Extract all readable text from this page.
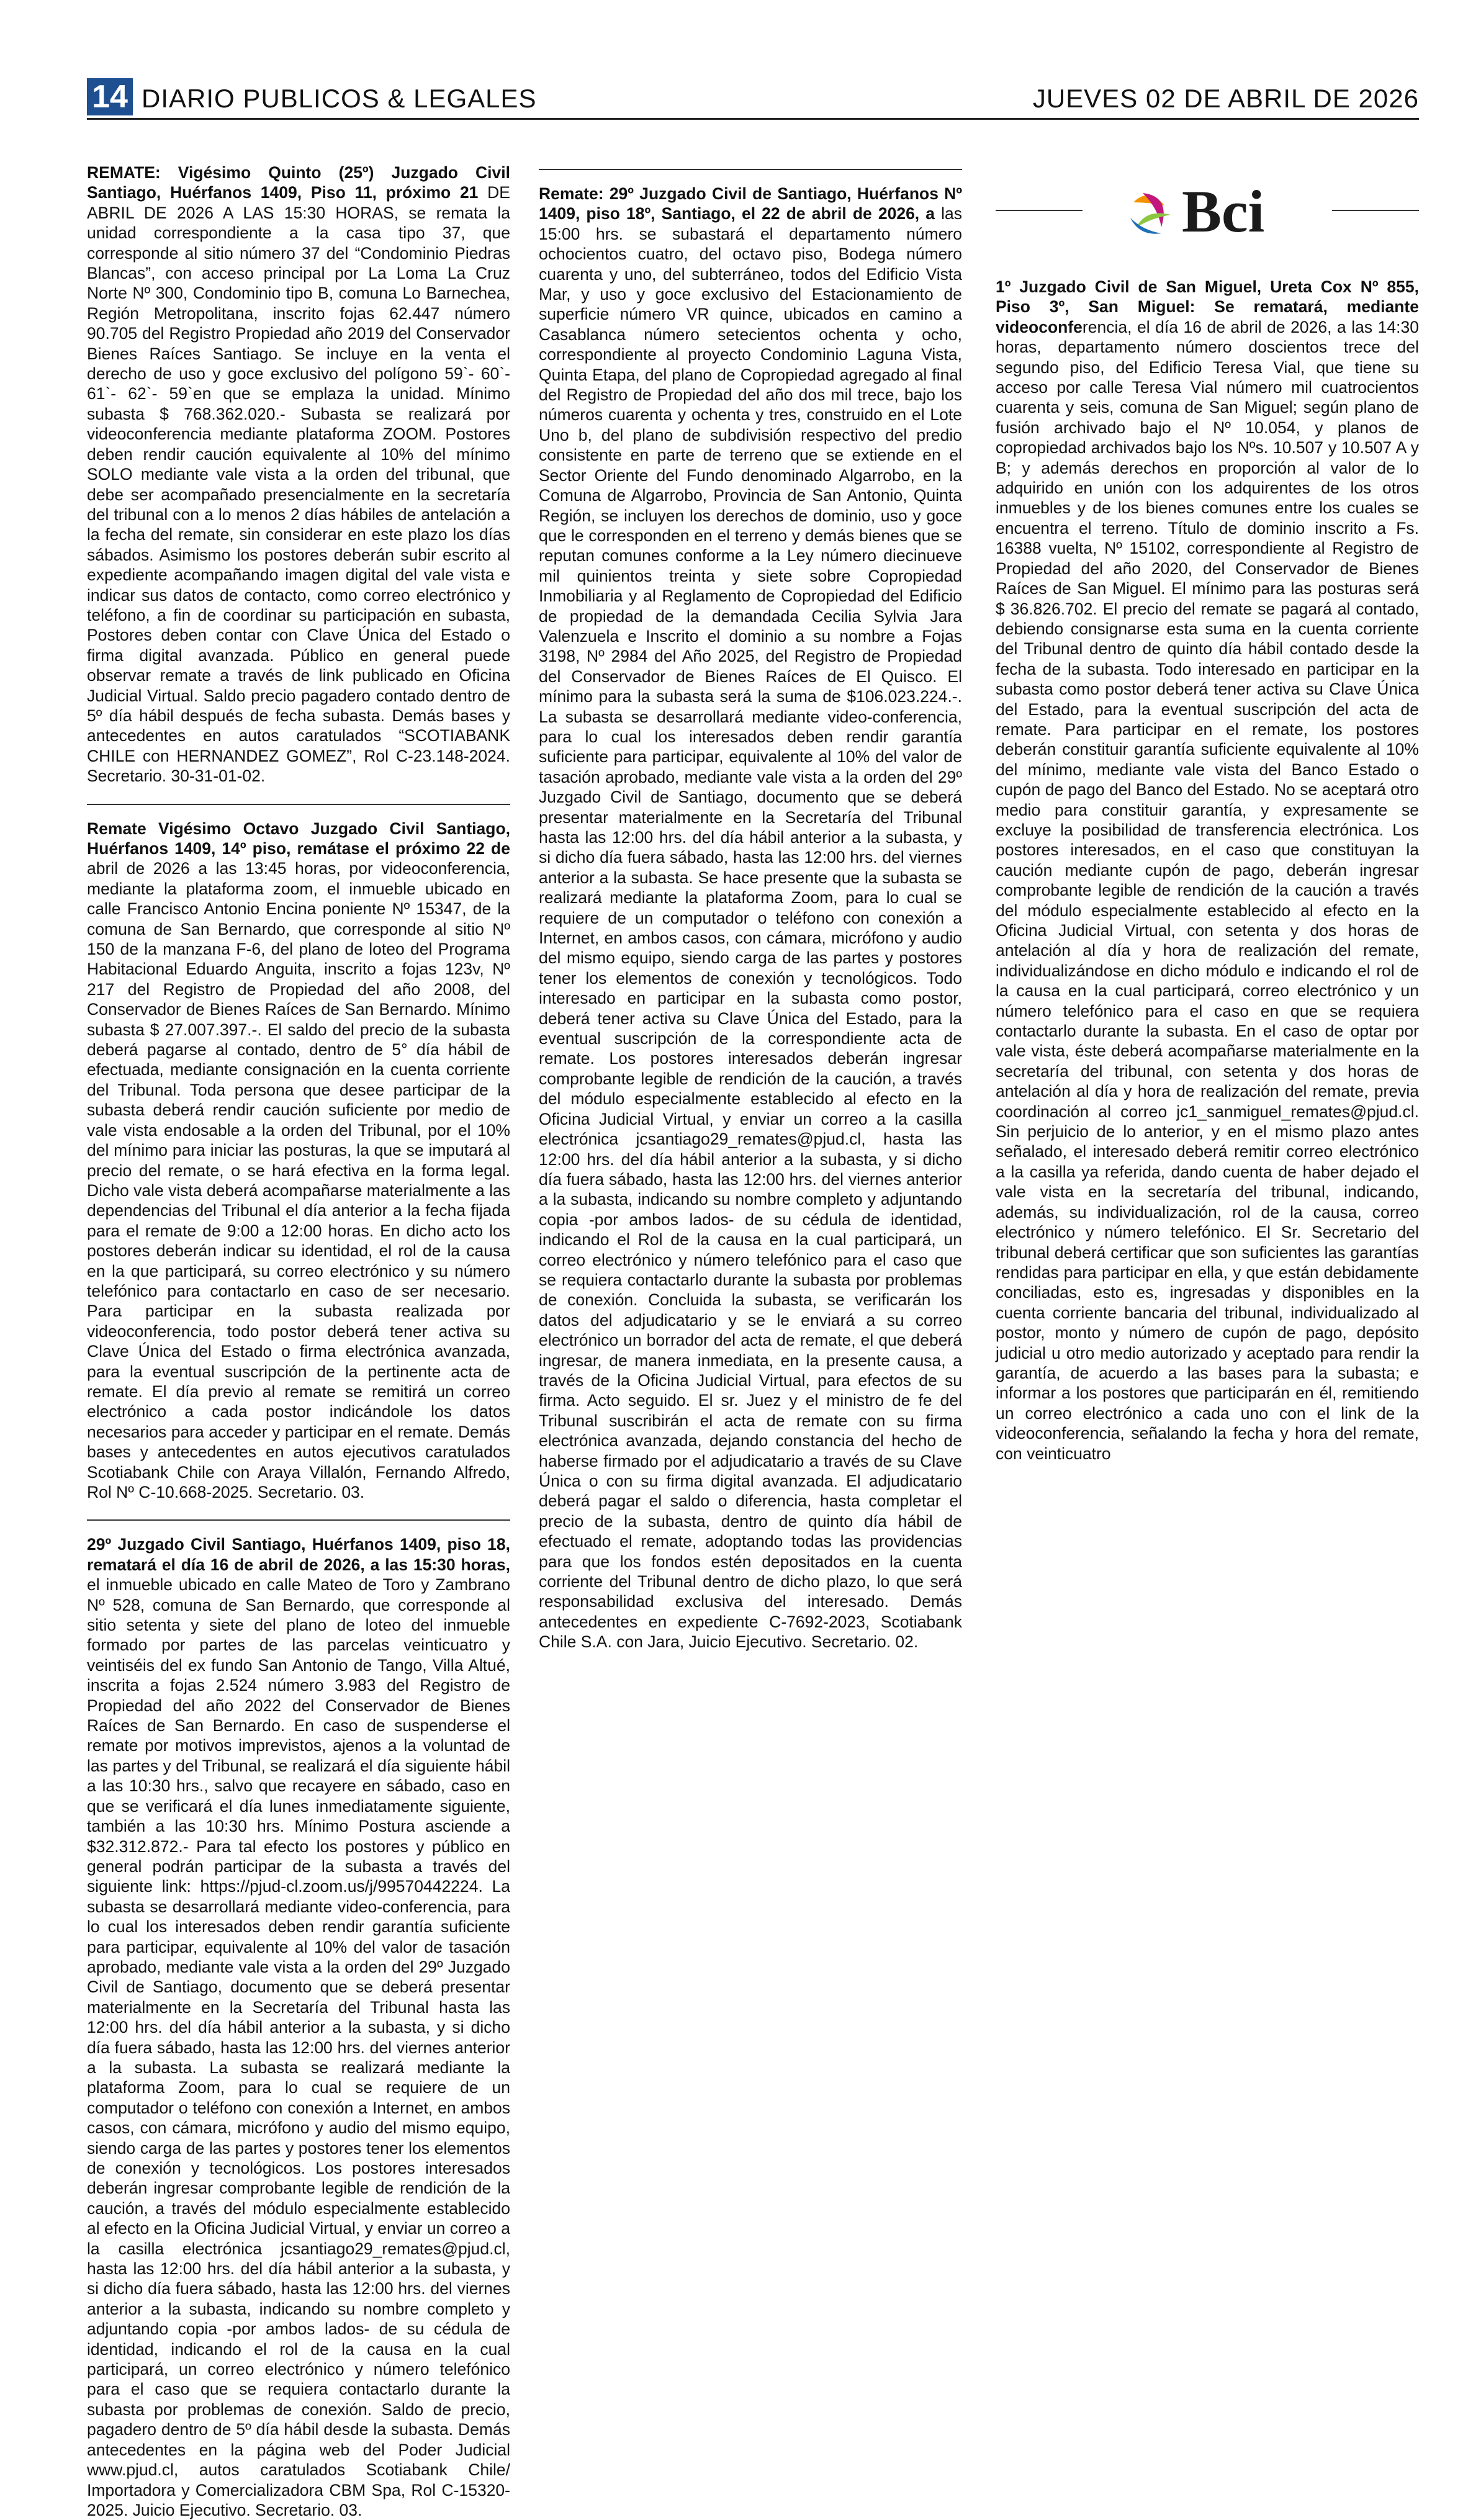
14 DIARIO PUBLICOS & LEGALES	JUEVES 02 DE ABRIL DE 2026

REMATE: Vigésimo Quinto (25º) Juzgado Civil Santiago, Huérfanos 1409, Piso 11, próximo 21 DE ABRIL DE 2026 A LAS 15:30 HORAS, se remata la unidad correspondiente a la casa tipo 37, que corresponde al sitio número 37 del “Condominio Piedras Blancas”, con acceso principal por La Loma La Cruz Norte Nº 300, Condominio tipo B, comuna Lo Barnechea, Región Metropolitana, inscrito fojas 62.447 número 90.705 del Registro Propiedad año 2019 del Conservador Bienes Raíces Santiago. Se incluye en la venta el derecho de uso y goce exclusivo del polígono 59`- 60`- 61`- 62`- 59`en que se emplaza la unidad. Mínimo subasta $ 768.362.020.- Subasta se realizará por videoconferencia mediante plataforma ZOOM. Postores deben rendir caución equivalente al 10% del mínimo SOLO mediante vale vista a la orden del tribunal, que debe ser acompañado presencialmente en la secretaría del tribunal con a lo menos 2 días hábiles de antelación a la fecha del remate, sin considerar en este plazo los días sábados. Asimismo los postores deberán subir escrito al expediente acompañando imagen digital del vale vista e indicar sus datos de contacto, como correo electrónico y teléfono, a fin de coordinar su participación en subasta, Postores deben contar con Clave Única del Estado o firma digital avanzada. Público en general puede observar remate a través de link publicado en Oficina Judicial Virtual. Saldo precio pagadero contado dentro de 5º día hábil después de fecha subasta. Demás bases y antecedentes en autos caratulados “SCOTIABANK CHILE con HERNANDEZ GOMEZ”, Rol C-23.148-2024. Secretario. 30-31-01-02.

Remate Vigésimo Octavo Juzgado Civil Santiago, Huérfanos 1409, 14º piso, remátase el próximo 22 de abril de 2026 a las 13:45 horas, por videoconferencia, mediante la plataforma zoom, el inmueble ubicado en calle Francisco Antonio Encina poniente Nº 15347, de la comuna de San Bernardo, que corresponde al sitio Nº 150 de la manzana F-6, del plano de loteo del Programa Habitacional Eduardo Anguita, inscrito a fojas 123v, Nº 217 del Registro de Propiedad del año 2008, del Conservador de Bienes Raíces de San Bernardo. Mínimo subasta $ 27.007.397.-. El saldo del precio de la subasta deberá pagarse al contado, dentro de 5° día hábil de efectuada, mediante consignación en la cuenta corriente del Tribunal. Toda persona que desee participar de la subasta deberá rendir caución suficiente por medio de vale vista endosable a la orden del Tribunal, por el 10% del mínimo para iniciar las posturas, la que se imputará al precio del remate, o se hará efectiva en la forma legal. Dicho vale vista deberá acompañarse materialmente a las dependencias del Tribunal el día anterior a la fecha fijada para el remate de 9:00 a 12:00 horas. En dicho acto los postores deberán indicar su identidad, el rol de la causa en la que participará, su correo electrónico y su número telefónico para contactarlo en caso de ser necesario. Para participar en la subasta realizada por videoconferencia, todo postor deberá tener activa su Clave Única del Estado o firma electrónica avanzada, para la eventual suscripción de la pertinente acta de remate. El día previo al remate se remitirá un correo electrónico a cada postor indicándole los datos necesarios para acceder y participar en el remate. Demás bases y antecedentes en autos ejecutivos caratulados Scotiabank Chile con Araya Villalón, Fernando Alfredo, Rol Nº C-10.668-2025. Secretario. 03.

29º Juzgado Civil Santiago, Huérfanos 1409, piso 18, rematará el día 16 de abril de 2026, a las 15:30 horas, el inmueble ubicado en calle Mateo de Toro y Zambrano Nº 528, comuna de San Bernardo, que corresponde al sitio setenta y siete del plano de loteo del inmueble formado por partes de las parcelas veinticuatro y veintiséis del ex fundo San Antonio de Tango, Villa Altué, inscrita a fojas 2.524 número 3.983 del Registro de Propiedad del año 2022 del Conservador de Bienes Raíces de San Bernardo. En caso de suspenderse el remate por motivos imprevistos, ajenos a la voluntad de las partes y del Tribunal, se realizará el día siguiente hábil a las 10:30 hrs., salvo que recayere en sábado, caso en que se verificará el día lunes inmediatamente siguiente, también a las 10:30 hrs. Mínimo Postura asciende a $32.312.872.- Para tal efecto los postores y público en general podrán participar de la subasta a través del siguiente link: https://pjud-cl.zoom.us/j/99570442224. La subasta se desarrollará mediante video-conferencia, para lo cual los interesados deben rendir garantía suficiente para participar, equivalente al 10% del valor de tasación aprobado, mediante vale vista a la orden del 29º Juzgado Civil de Santiago, documento que se deberá presentar materialmente en la Secretaría del Tribunal hasta las 12:00 hrs. del día hábil anterior a la subasta, y si dicho día fuera sábado, hasta las 12:00 hrs. del viernes anterior a la subasta. La subasta se realizará mediante la plataforma Zoom, para lo cual se requiere de un computador o teléfono con conexión a Internet, en ambos casos, con cámara, micrófono y audio del mismo equipo, siendo carga de las partes y postores tener los elementos de conexión y tecnológicos. Los postores interesados deberán ingresar comprobante legible de rendición de la caución, a través del módulo especialmente establecido al efecto en la Oficina Judicial Virtual, y enviar un correo a la casilla electrónica jcsantiago29_remates@pjud.cl, hasta las 12:00 hrs. del día hábil anterior a la subasta, y si dicho día fuera sábado, hasta las 12:00 hrs. del viernes anterior a la subasta, indicando su nombre completo y adjuntando copia -por ambos lados- de su cédula de identidad, indicando el rol de la causa en la cual participará, un correo electrónico y número telefónico para el caso que se requiera contactarlo durante la subasta por problemas de conexión. Saldo de precio, pagadero dentro de 5º día hábil desde la subasta. Demás antecedentes en la página web del Poder Judicial www.pjud.cl, autos caratulados Scotiabank Chile/ Importadora y Comercializadora CBM Spa, Rol C-15320-2025. Juicio Ejecutivo. Secretario. 03.

Remate: 29º Juzgado Civil de Santiago, Huérfanos Nº 1409, piso 18º, Santiago, el 22 de abril de 2026, a las 15:00 hrs. se subastará el departamento número ochocientos cuatro, del octavo piso, Bodega número cuarenta y uno, del subterráneo, todos del Edificio Vista Mar, y uso y goce exclusivo del Estacionamiento de superficie número VR quince, ubicados en camino a Casablanca número setecientos ochenta y ocho, correspondiente al proyecto Condominio Laguna Vista, Quinta Etapa, del plano de Copropiedad agregado al final del Registro de Propiedad del año dos mil trece, bajo los números cuarenta y ochenta y tres, construido en el Lote Uno b, del plano de subdivisión respectivo del predio consistente en parte de terreno que se extiende en el Sector Oriente del Fundo denominado Algarrobo, en la Comuna de Algarrobo, Provincia de San Antonio, Quinta Región, se incluyen los derechos de dominio, uso y goce que le corresponden en el terreno y demás bienes que se reputan comunes conforme a la Ley número diecinueve mil quinientos treinta y siete sobre Copropiedad Inmobiliaria y al Reglamento de Copropiedad del Edificio de propiedad de la demandada Cecilia Sylvia Jara Valenzuela e Inscrito el dominio a su nombre a Fojas 3198, Nº 2984 del Año 2025, del Registro de Propiedad del Conservador de Bienes Raíces de El Quisco. El mínimo para la subasta será la suma de $106.023.224.-. La subasta se desarrollará mediante video-conferencia, para lo cual los interesados deben rendir garantía suficiente para participar, equivalente al 10% del valor de tasación aprobado, mediante vale vista a la orden del 29º Juzgado Civil de Santiago, documento que se deberá presentar materialmente en la Secretaría del Tribunal hasta las 12:00 hrs. del día hábil anterior a la subasta, y si dicho día fuera sábado, hasta las 12:00 hrs. del viernes anterior a la subasta. Se hace presente que la subasta se realizará mediante la plataforma Zoom, para lo cual se requiere de un computador o teléfono con conexión a Internet, en ambos casos, con cámara, micrófono y audio del mismo equipo, siendo carga de las partes y postores tener los elementos de conexión y tecnológicos. Todo interesado en participar en la subasta como postor, deberá tener activa su Clave Única del Estado, para la eventual suscripción de la correspondiente acta de remate. Los postores interesados deberán ingresar comprobante legible de rendición de la caución, a través del módulo especialmente establecido al efecto en la Oficina Judicial Virtual, y enviar un correo a la casilla electrónica jcsantiago29_remates@pjud.cl, hasta las 12:00 hrs. del día hábil anterior a la subasta, y si dicho día fuera sábado, hasta las 12:00 hrs. del viernes anterior a la subasta, indicando su nombre completo y adjuntando copia -por ambos lados- de su cédula de identidad, indicando el Rol de la causa en la cual participará, un correo electrónico y número telefónico para el caso que se requiera contactarlo durante la subasta por problemas de conexión. Concluida la subasta, se verificarán los datos del adjudicatario y se le enviará a su correo electrónico un borrador del acta de remate, el que deberá ingresar, de manera inmediata, en la presente causa, a través de la Oficina Judicial Virtual, para efectos de su firma. Acto seguido. El sr. Juez y el ministro de fe del Tribunal suscribirán el acta de remate con su firma electrónica avanzada, dejando constancia del hecho de haberse firmado por el adjudicatario a través de su Clave Única o con su firma digital avanzada. El adjudicatario deberá pagar el saldo o diferencia, hasta completar el precio de la subasta, dentro de quinto día hábil de efectuado el remate, adoptando todas las providencias para que los fondos estén depositados en la cuenta corriente del Tribunal dentro de dicho plazo, lo que será responsabilidad exclusiva del interesado. Demás antecedentes en expediente C-7692-2023, Scotiabank Chile S.A. con Jara, Juicio Ejecutivo. Secretario. 02.

Bci

1º Juzgado Civil de San Miguel, Ureta Cox Nº 855, Piso 3º, San Miguel: Se rematará, mediante videoconferencia, el día 16 de abril de 2026, a las 14:30 horas, departamento número doscientos trece del segundo piso, del Edificio Teresa Vial, que tiene su acceso por calle Teresa Vial número mil cuatrocientos cuarenta y seis, comuna de San Miguel; según plano de fusión archivado bajo el Nº 10.054, y planos de copropiedad archivados bajo los Nºs. 10.507 y 10.507 A y B; y además derechos en proporción al valor de lo adquirido en unión con los adquirentes de los otros inmuebles y de los bienes comunes entre los cuales se encuentra el terreno. Título de dominio inscrito a Fs. 16388 vuelta, Nº 15102, correspondiente al Registro de Propiedad del año 2020, del Conservador de Bienes Raíces de San Miguel. El mínimo para las posturas será $ 36.826.702. El precio del remate se pagará al contado, debiendo consignarse esta suma en la cuenta corriente del Tribunal dentro de quinto día hábil contado desde la fecha de la subasta. Todo interesado en participar en la subasta como postor deberá tener activa su Clave Única del Estado, para la eventual suscripción del acta de remate. Para participar en el remate, los postores deberán constituir garantía suficiente equivalente al 10% del mínimo, mediante vale vista del Banco Estado o cupón de pago del Banco del Estado. No se aceptará otro medio para constituir garantía, y expresamente se excluye la posibilidad de transferencia electrónica. Los postores interesados, en el caso que constituyan la caución mediante cupón de pago, deberán ingresar comprobante legible de rendición de la caución a través del módulo especialmente establecido al efecto en la Oficina Judicial Virtual, con setenta y dos horas de antelación al día y hora de realización del remate, individualizándose en dicho módulo e indicando el rol de la causa en la cual participará, correo electrónico y un número telefónico para el caso en que se requiera contactarlo durante la subasta. En el caso de optar por vale vista, éste deberá acompañarse materialmente en la secretaría del tribunal, con setenta y dos horas de antelación al día y hora de realización del remate, previa coordinación al correo jc1_sanmiguel_remates@pjud.cl. Sin perjuicio de lo anterior, y en el mismo plazo antes señalado, el interesado deberá remitir correo electrónico a la casilla ya referida, dando cuenta de haber dejado el vale vista en la secretaría del tribunal, indicando, además, su individualización, rol de la causa, correo electrónico y número telefónico. El Sr. Secretario del tribunal deberá certificar que son suficientes las garantías rendidas para participar en ella, y que están debidamente conciliadas, esto es, ingresadas y disponibles en la cuenta corriente bancaria del tribunal, individualizado al postor, monto y número de cupón de pago, depósito judicial u otro medio autorizado y aceptado para rendir la garantía, de acuerdo a las bases para la subasta; e informar a los postores que participarán en él, remitiendo un correo electrónico a cada uno con el link de la videoconferencia, señalando la fecha y hora del remate, con veinticuatro
